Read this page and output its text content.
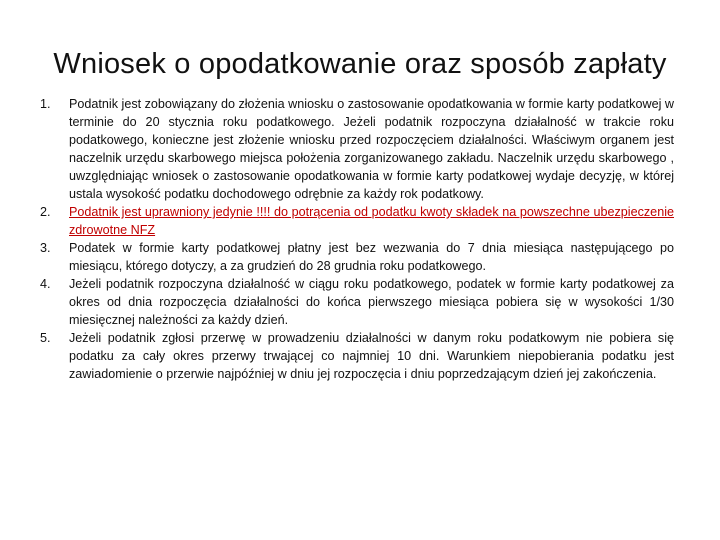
Wniosek o opodatkowanie oraz sposób zapłaty
1. Podatnik jest zobowiązany do złożenia wniosku o zastosowanie opodatkowania w formie karty podatkowej w terminie do 20 stycznia roku podatkowego. Jeżeli podatnik rozpoczyna działalność w trakcie roku podatkowego, konieczne jest złożenie wniosku przed rozpoczęciem działalności. Właściwym organem jest naczelnik urzędu skarbowego miejsca położenia zorganizowanego zakładu. Naczelnik urzędu skarbowego , uwzględniając wniosek o zastosowanie opodatkowania w formie karty podatkowej wydaje decyzję, w której ustala wysokość podatku dochodowego odrębnie za każdy rok podatkowy.
2. Podatnik jest uprawniony jedynie !!!! do potrącenia od podatku kwoty składek na powszechne ubezpieczenie zdrowotne NFZ
3. Podatek w formie karty podatkowej płatny jest bez wezwania do 7 dnia miesiąca następującego po miesiącu, którego dotyczy, a za grudzień do 28 grudnia roku podatkowego.
4. Jeżeli podatnik rozpoczyna działalność w ciągu roku podatkowego, podatek w formie karty podatkowej za okres od dnia rozpoczęcia działalności do końca pierwszego miesiąca pobiera się w wysokości 1/30 miesięcznej należności za każdy dzień.
5. Jeżeli podatnik zgłosi przerwę w prowadzeniu działalności w danym roku podatkowym nie pobiera się podatku za cały okres przerwy trwającej co najmniej 10 dni. Warunkiem niepobierania podatku jest zawiadomienie o przerwie najpóźniej w dniu jej rozpoczęcia i dniu poprzedzającym dzień jej zakończenia.
